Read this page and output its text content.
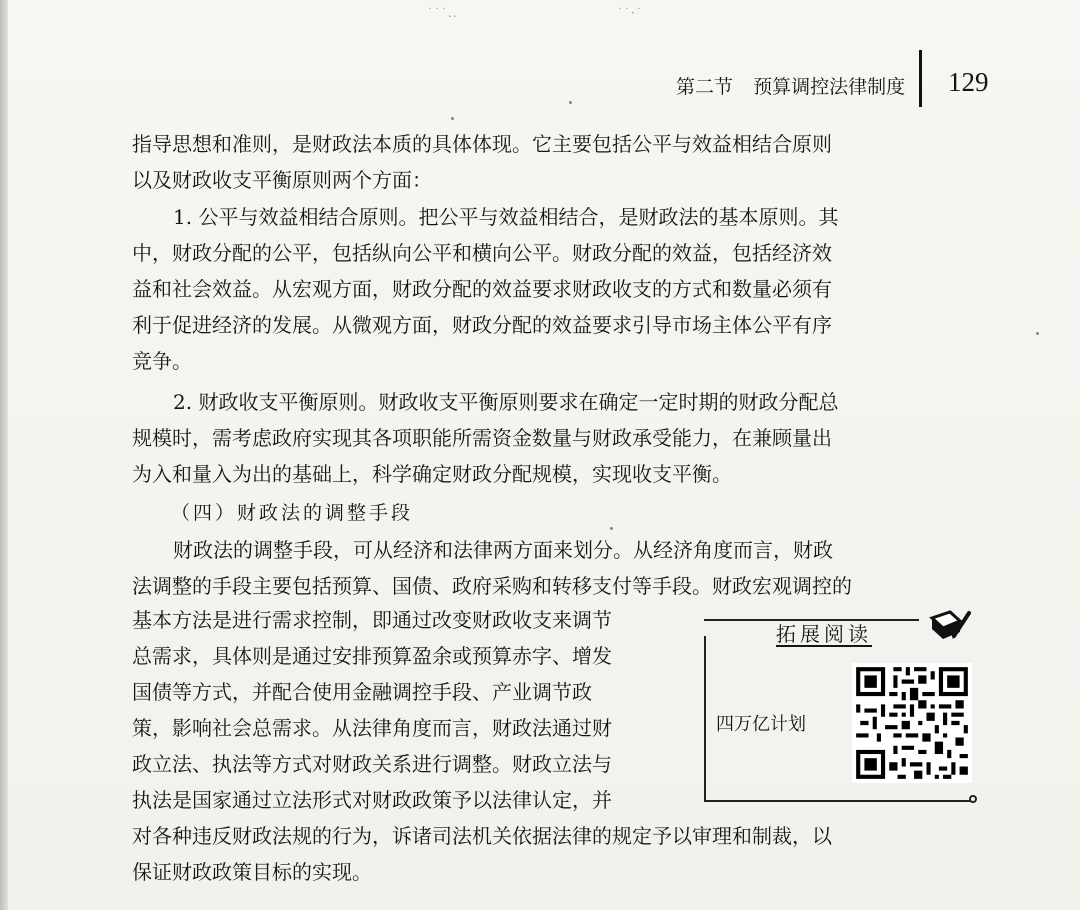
˙˙˙..	˙˙·˙
第二节 预算调控法律制度 129
指导思想和准则，是财政法本质的具体体现。它主要包括公平与效益相结合原则
以及财政收支平衡原则两个方面：
1. 公平与效益相结合原则。把公平与效益相结合，是财政法的基本原则。其
中，财政分配的公平，包括纵向公平和横向公平。财政分配的效益，包括经济效
益和社会效益。从宏观方面，财政分配的效益要求财政收支的方式和数量必须有
利于促进经济的发展。从微观方面，财政分配的效益要求引导市场主体公平有序
竞争。
2. 财政收支平衡原则。财政收支平衡原则要求在确定一定时期的财政分配总
规模时，需考虑政府实现其各项职能所需资金数量与财政承受能力，在兼顾量出
为入和量入为出的基础上，科学确定财政分配规模，实现收支平衡。
（四）财政法的调整手段
财政法的调整手段，可从经济和法律两方面来划分。从经济角度而言，财政
法调整的手段主要包括预算、国债、政府采购和转移支付等手段。财政宏观调控的
基本方法是进行需求控制，即通过改变财政收支来调节
总需求，具体则是通过安排预算盈余或预算赤字、增发
国债等方式，并配合使用金融调控手段、产业调节政
策，影响社会总需求。从法律角度而言，财政法通过财
政立法、执法等方式对财政关系进行调整。财政立法与
执法是国家通过立法形式对财政政策予以法律认定，并
拓展阅读
四万亿计划
对各种违反财政法规的行为，诉诸司法机关依据法律的规定予以审理和制裁，以
保证财政政策目标的实现。
